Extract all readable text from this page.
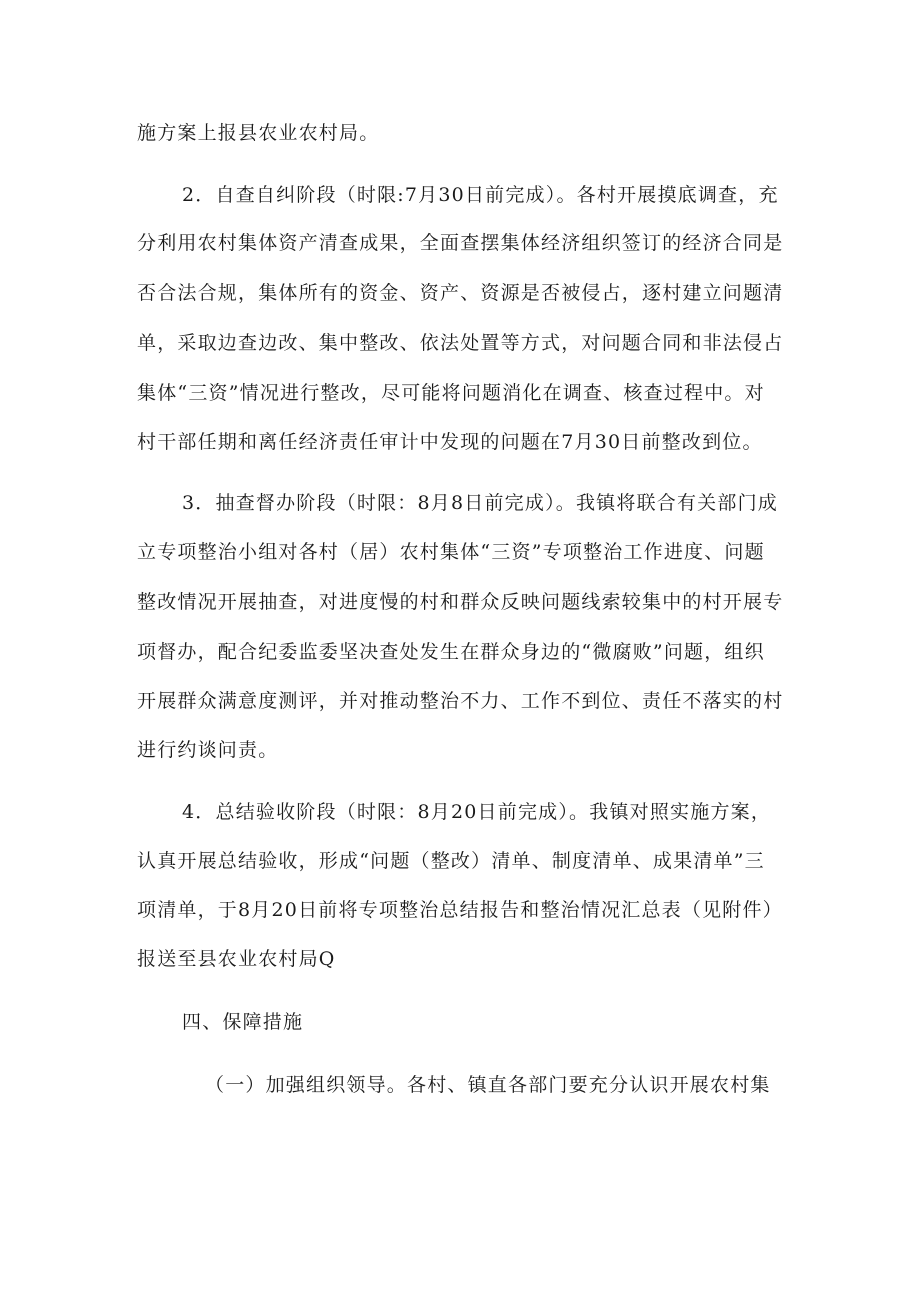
施方案上报县农业农村局。
2．自查自纠阶段（时限:7月30日前完成）。各村开展摸底调查，充
分利用农村集体资产清查成果，全面查摆集体经济组织签订的经济合同是
否合法合规，集体所有的资金、资产、资源是否被侵占，逐村建立问题清
单，采取边查边改、集中整改、依法处置等方式，对问题合同和非法侵占
集体“三资”情况进行整改，尽可能将问题消化在调查、核查过程中。对
村干部任期和离任经济责任审计中发现的问题在7月30日前整改到位。
3．抽查督办阶段（时限：8月8日前完成）。我镇将联合有关部门成
立专项整治小组对各村（居）农村集体“三资”专项整治工作进度、问题
整改情况开展抽查，对进度慢的村和群众反映问题线索较集中的村开展专
项督办，配合纪委监委坚决查处发生在群众身边的“微腐败”问题，组织
开展群众满意度测评，并对推动整治不力、工作不到位、责任不落实的村
进行约谈问责。
4．总结验收阶段（时限：8月20日前完成）。我镇对照实施方案，
认真开展总结验收，形成“问题（整改）清单、制度清单、成果清单”三
项清单，于8月20日前将专项整治总结报告和整治情况汇总表（见附件）
报送至县农业农村局Q
四、保障措施
（一）加强组织领导。各村、镇直各部门要充分认识开展农村集
